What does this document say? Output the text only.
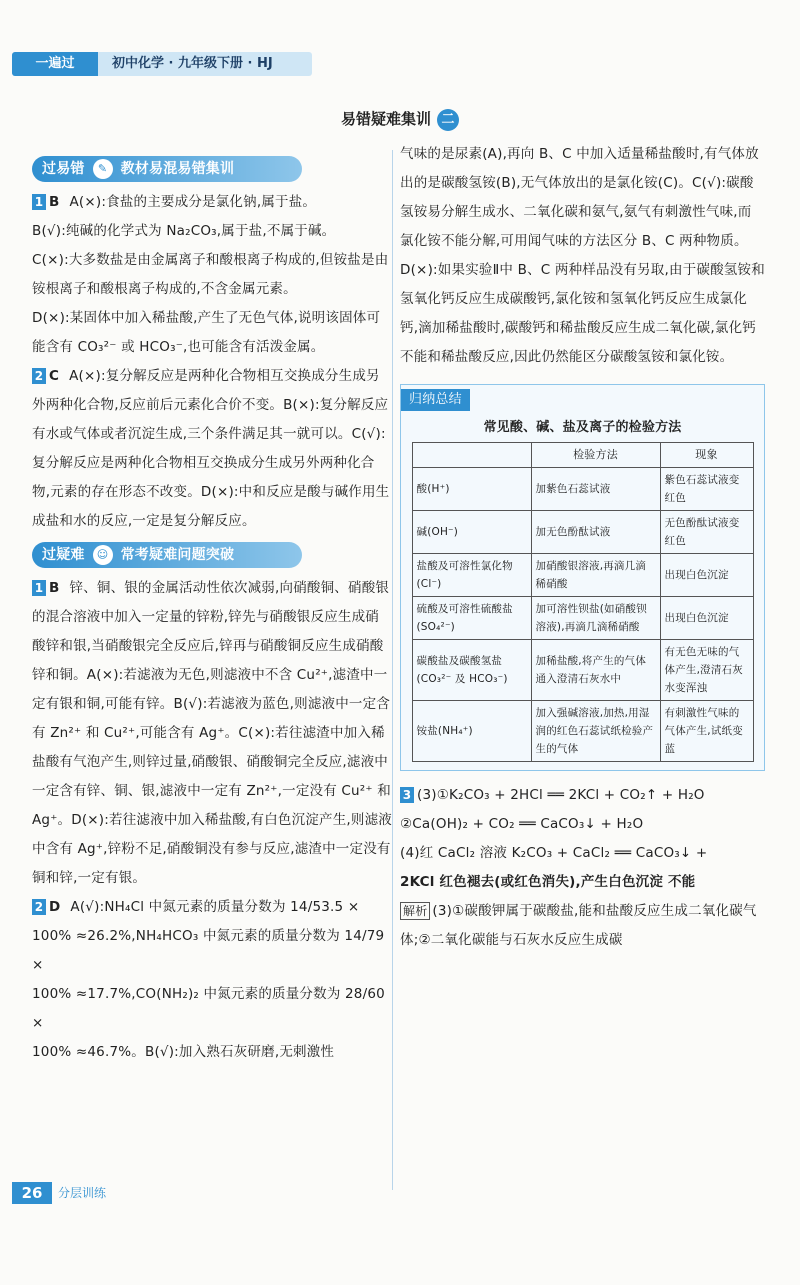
一遍过	初中化学 · 九年级下册 · HJ
易错疑难集训 二
过易错	✎ 教材易混易错集训

1 B A(×):食盐的主要成分是氯化钠,属于盐。

B(√):纯碱的化学式为 Na₂CO₃,属于盐,不属于碱。

C(×):大多数盐是由金属离子和酸根离子构成的,但铵盐是由铵根离子和酸根离子构成的,不含金属元素。

D(×):某固体中加入稀盐酸,产生了无色气体,说明该固体可能含有 CO₃²⁻ 或 HCO₃⁻,也可能含有活泼金属。

2 C A(×):复分解反应是两种化合物相互交换成分生成另外两种化合物,反应前后元素化合价不变。B(×):复分解反应有水或气体或者沉淀生成,三个条件满足其一就可以。C(√):复分解反应是两种化合物相互交换成分生成另外两种化合物,元素的存在形态不改变。D(×):中和反应是酸与碱作用生成盐和水的反应,一定是复分解反应。

过疑难	☺ 常考疑难问题突破

1 B 锌、铜、银的金属活动性依次减弱,向硝酸铜、硝酸银的混合溶液中加入一定量的锌粉,锌先与硝酸银反应生成硝酸锌和银,当硝酸银完全反应后,锌再与硝酸铜反应生成硝酸锌和铜。A(×):若滤液为无色,则滤液中不含 Cu²⁺,滤渣中一定有银和铜,可能有锌。B(√):若滤液为蓝色,则滤液中一定含有 Zn²⁺ 和 Cu²⁺,可能含有 Ag⁺。C(×):若往滤渣中加入稀盐酸有气泡产生,则锌过量,硝酸银、硝酸铜完全反应,滤液中一定含有锌、铜、银,滤液中一定有 Zn²⁺,一定没有 Cu²⁺ 和 Ag⁺。D(×):若往滤液中加入稀盐酸,有白色沉淀产生,则滤液中含有 Ag⁺,锌粉不足,硝酸铜没有参与反应,滤渣中一定没有铜和锌,一定有银。

2 D A(√):NH₄Cl 中氮元素的质量分数为 14/53.5 ×

100% ≈26.2%,NH₄HCO₃ 中氮元素的质量分数为 14/79 ×

100% ≈17.7%,CO(NH₂)₂ 中氮元素的质量分数为 28/60 ×

100% ≈46.7%。B(√):加入熟石灰研磨,无刺激性

气味的是尿素(A),再向 B、C 中加入适量稀盐酸时,有气体放出的是碳酸氢铵(B),无气体放出的是氯化铵(C)。C(√):碳酸氢铵易分解生成水、二氧化碳和氨气,氨气有刺激性气味,而氯化铵不能分解,可用闻气味的方法区分 B、C 两种物质。D(×):如果实验Ⅱ中 B、C 两种样品没有另取,由于碳酸氢铵和氢氧化钙反应生成碳酸钙,氯化铵和氢氧化钙反应生成氯化钙,滴加稀盐酸时,碳酸钙和稀盐酸反应生成二氧化碳,氯化钙不能和稀盐酸反应,因此仍然能区分碳酸氢铵和氯化铵。

归纳总结
常见酸、碱、盐及离子的检验方法
	检验方法	现象
酸(H⁺)	加紫色石蕊试液	紫色石蕊试液变红色
碱(OH⁻)	加无色酚酞试液	无色酚酞试液变红色
盐酸及可溶性氯化物(Cl⁻)	加硝酸银溶液,再滴几滴稀硝酸	出现白色沉淀
硫酸及可溶性硫酸盐(SO₄²⁻)	加可溶性钡盐(如硝酸钡溶液),再滴几滴稀硝酸	出现白色沉淀
碳酸盐及碳酸氢盐(CO₃²⁻ 及 HCO₃⁻)	加稀盐酸,将产生的气体通入澄清石灰水中	有无色无味的气体产生,澄清石灰水变浑浊
铵盐(NH₄⁺)	加入强碱溶液,加热,用湿润的红色石蕊试纸检验产生的气体	有刺激性气味的气体产生,试纸变蓝

3 (3)①K₂CO₃ + 2HCl ══ 2KCl + CO₂↑ + H₂O

②Ca(OH)₂ + CO₂ ══ CaCO₃↓ + H₂O

(4)红 CaCl₂ 溶液 K₂CO₃ + CaCl₂ ══ CaCO₃↓ +

2KCl 红色褪去(或红色消失),产生白色沉淀 不能

解析 (3)①碳酸钾属于碳酸盐,能和盐酸反应生成二氧化碳气体;②二氧化碳能与石灰水反应生成碳

26	分层训练
